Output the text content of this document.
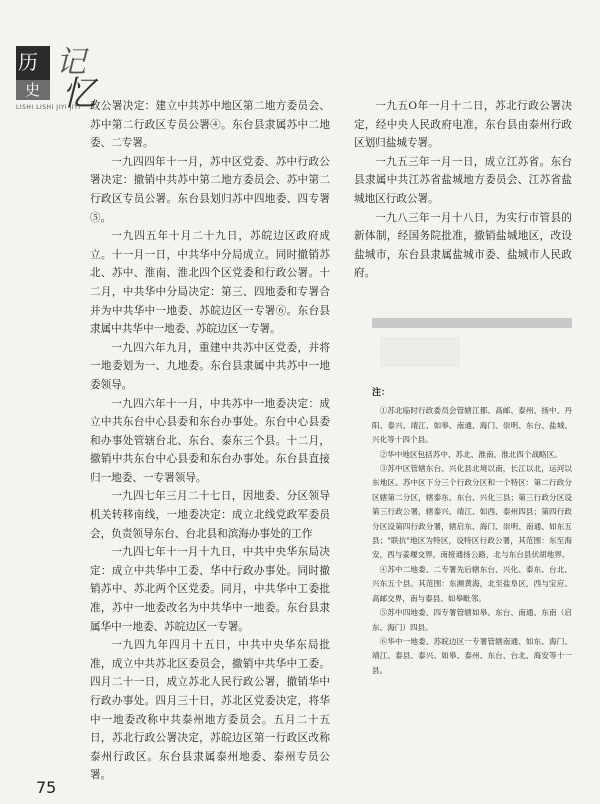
历
史
记
忆
LISHI LISHI JIYI JIYI 政公署决定：建立中共苏中地区第二地方委员会、苏中第二行政区专员公署④。东台县隶属苏中二地委、二专署。

一九四四年十一月，苏中区党委、苏中行政公署决定：撤销中共苏中第二地方委员会、苏中第二行政区专员公署。东台县划归苏中四地委、四专署⑤。

一九四五年十月二十九日，苏皖边区政府成立。十一月一日，中共华中分局成立。同时撤销苏北、苏中、淮南、淮北四个区党委和行政公署。十二月，中共华中分局决定：第三、四地委和专署合并为中共华中一地委、苏皖边区一专署⑥。东台县隶属中共华中一地委、苏皖边区一专署。

一九四六年九月，重建中共苏中区党委，并将一地委划为一、九地委。东台县隶属中共苏中一地委领导。

一九四六年十一月，中共苏中一地委决定：成立中共东台中心县委和东台办事处。东台中心县委和办事处管辖台北、东台、泰东三个县。十二月，撤销中共东台中心县委和东台办事处。东台县直接归一地委、一专署领导。

一九四七年三月二十七日，因地委、分区领导机关转移南线，一地委决定：成立北线党政军委员会，负责领导东台、台北县和滨海办事处的工作

一九四七年十一月十九日，中共中央华东局决定：成立中共华中工委、华中行政办事处。同时撤销苏中、苏北两个区党委。同月，中共华中工委批准，苏中一地委改名为中共华中一地委。东台县隶属华中一地委、苏皖边区一专署。

一九四九年四月十五日，中共中央华东局批准，成立中共苏北区委员会，撤销中共华中工委。四月二十一日，成立苏北人民行政公署，撤销华中行政办事处。四月三十日，苏北区党委决定，将华中一地委改称中共泰州地方委员会。五月二十五日，苏北行政公署决定，苏皖边区第一行政区改称泰州行政区。东台县隶属泰州地委、泰州专员公署。

一九五O年一月十二日，苏北行政公署决定，经中央人民政府电准，东台县由泰州行政区划归盐城专署。

一九五三年一月一日，成立江苏省。东台县隶属中共江苏省盐城地方委员会、江苏省盐城地区行政公署。

一九八三年一月十八日，为实行市管县的新体制，经国务院批准，撤销盐城地区，改设盐城市，东台县隶属盐城市委、盐城市人民政府。

注：

①苏北临时行政委员会管辖江都、高邮、泰州、扬中、丹阳、泰兴、靖江、如皋、南通、海门、崇明、东台、盐城、兴化等十四个县。

②华中地区包括苏中、苏北、淮南、淮北四个战略区。

③苏中区管辖东台、兴化县北境以南，长江以北，运河以东地区。苏中区下分三个行政分区和一个特区：第二行政分区辖第二分区，辖泰东、东台、兴化三县；第三行政分区设第三行政公署，辖泰兴、靖江、如西、泰州四县；第四行政分区设第四行政分署，辖启东、海门、崇明、南通、如东五县；"联抗"地区为特区，设特区行政公署，其范围：东至海安，西与姜堰交界，南接通扬公路，北与东台县伏胡地界。

④苏中二地委、二专署先后辖东台、兴化、泰东、台北、兴东五个县。其范围：东濒黄海，北至盐阜区，西与宝应、高邮交界，南与泰县、如皋毗邻。

⑤苏中四地委、四专署管辖如皋、东台、南通、东南（启东、海门）四县。

⑥华中一地委、苏皖边区一专署管辖南通、如东、海门、靖江、泰县、泰兴、如皋、泰州、东台、台北、海安等十一县。

75
